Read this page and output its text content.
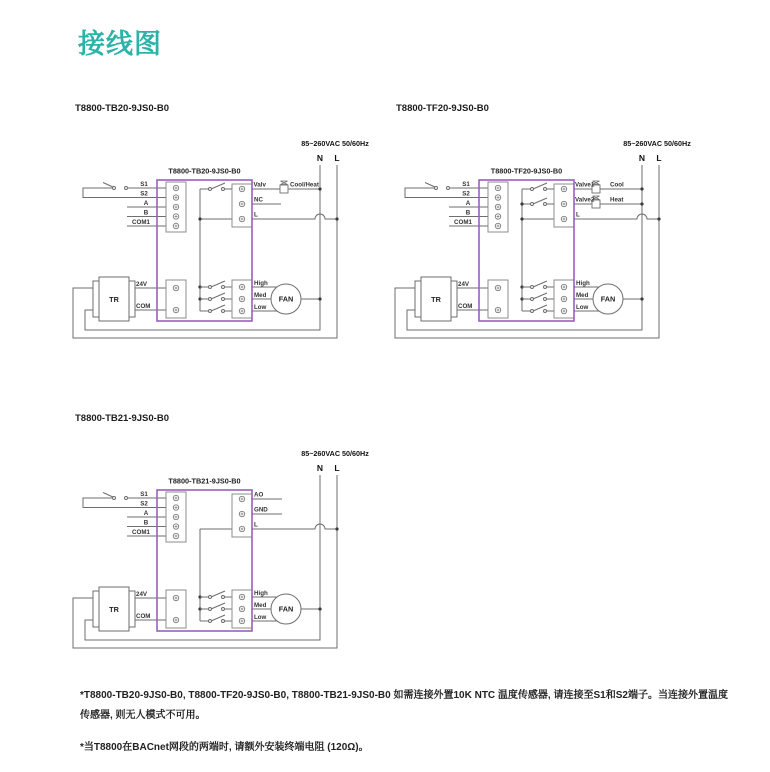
接线图
T8800-TB20-9JS0-B0	T8800-TF20-9JS0-B0
T8800-TB21-9JS0-B0
T8800-TB20-9JS0-B0
Valv
NC
L
Cool/Heat
T8800-TF20-9JS0-B0
Valve1
Valve2
L
Cool
Heat
T8800-TB21-9JS0-B0
AO
GND
L
*T8800-TB20-9JS0-B0, T8800-TF20-9JS0-B0, T8800-TB21-9JS0-B0 如需连接外置10K NTC 温度传感器, 请连接至S1和S2端子。当连接外置温度传感器, 则无人模式不可用。
*当T8800在BACnet网段的两端时, 请额外安装终端电阻 (120Ω)。
